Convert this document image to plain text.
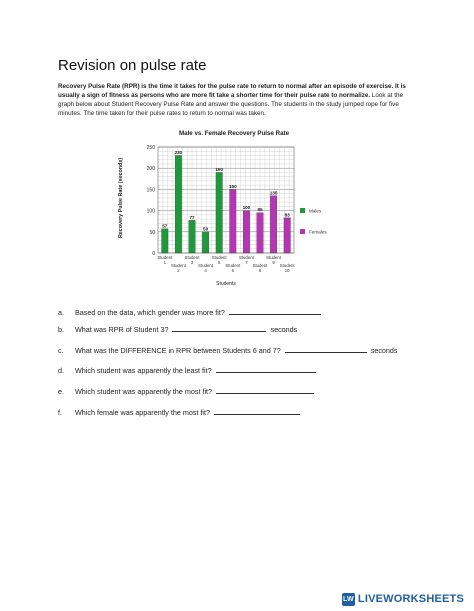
Revision on pulse rate
Recovery Pulse Rate (RPR) is the time it takes for the pulse rate to return to normal after an episode of exercise. It is usually a sign of fitness as persons who are more fit take a shorter time for their pulse rate to normalize. Look at the graph below about Student Recovery Pulse Rate and answer the questions. The students in the study jumped rope for five minutes. The time taken for their pulse rates to return to normal was taken.
Male vs. Female Recovery Pulse Rate
0
50
100
150
200
250
Recovery Pulse Rate (seconds)	57
230
77
50
190
150
100 95
135
83
Student
1
Student
2
Student
3
Student
4
Student
5
Student
6
Student
7
Student
8
Student
9
Student
10
Students
Males
Females
a. Based on the data, which gender was more fit?
b. What was RPR of Student 3?	seconds
c. What was the DIFFERENCE in RPR between Students 6 and 7?	seconds
d. Which student was apparently the least fit?
e. Which student was apparently the most fit?
f. Which female was apparently the most fit?
LW LIVEWORKSHEETS
